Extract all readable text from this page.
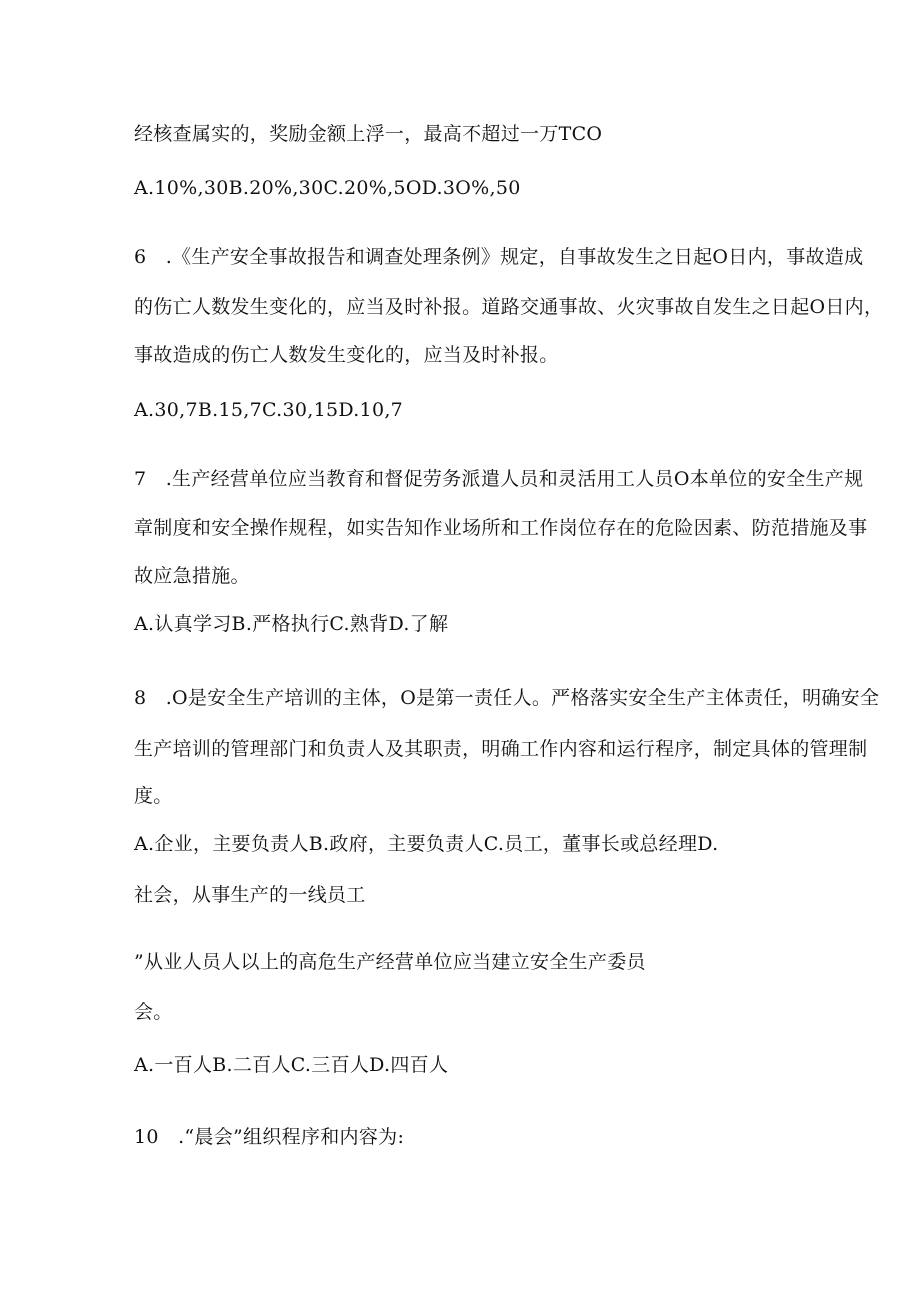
经核查属实的，奖励金额上浮一，最高不超过一万TCO
A.10%,30B.20%,30C.20%,5OD.3O%,50
6 .《生产安全事故报告和调查处理条例》规定，自事故发生之日起O日内，事故造成
的伤亡人数发生变化的，应当及时补报。道路交通事故、火灾事故自发生之日起O日内，
事故造成的伤亡人数发生变化的，应当及时补报。
A.30,7B.15,7C.30,15D.10,7
7 .生产经营单位应当教育和督促劳务派遣人员和灵活用工人员O本单位的安全生产规
章制度和安全操作规程，如实告知作业场所和工作岗位存在的危险因素、防范措施及事
故应急措施。
A.认真学习B.严格执行C.熟背D.了解
8 .O是安全生产培训的主体，O是第一责任人。严格落实安全生产主体责任，明确安全
生产培训的管理部门和负责人及其职责，明确工作内容和运行程序，制定具体的管理制
度。
A.企业，主要负责人B.政府，主要负责人C.员工，董事长或总经理D.
社会，从事生产的一线员工
”从业人员人以上的高危生产经营单位应当建立安全生产委员
会。
A.一百人B.二百人C.三百人D.四百人
10 .“晨会”组织程序和内容为:
